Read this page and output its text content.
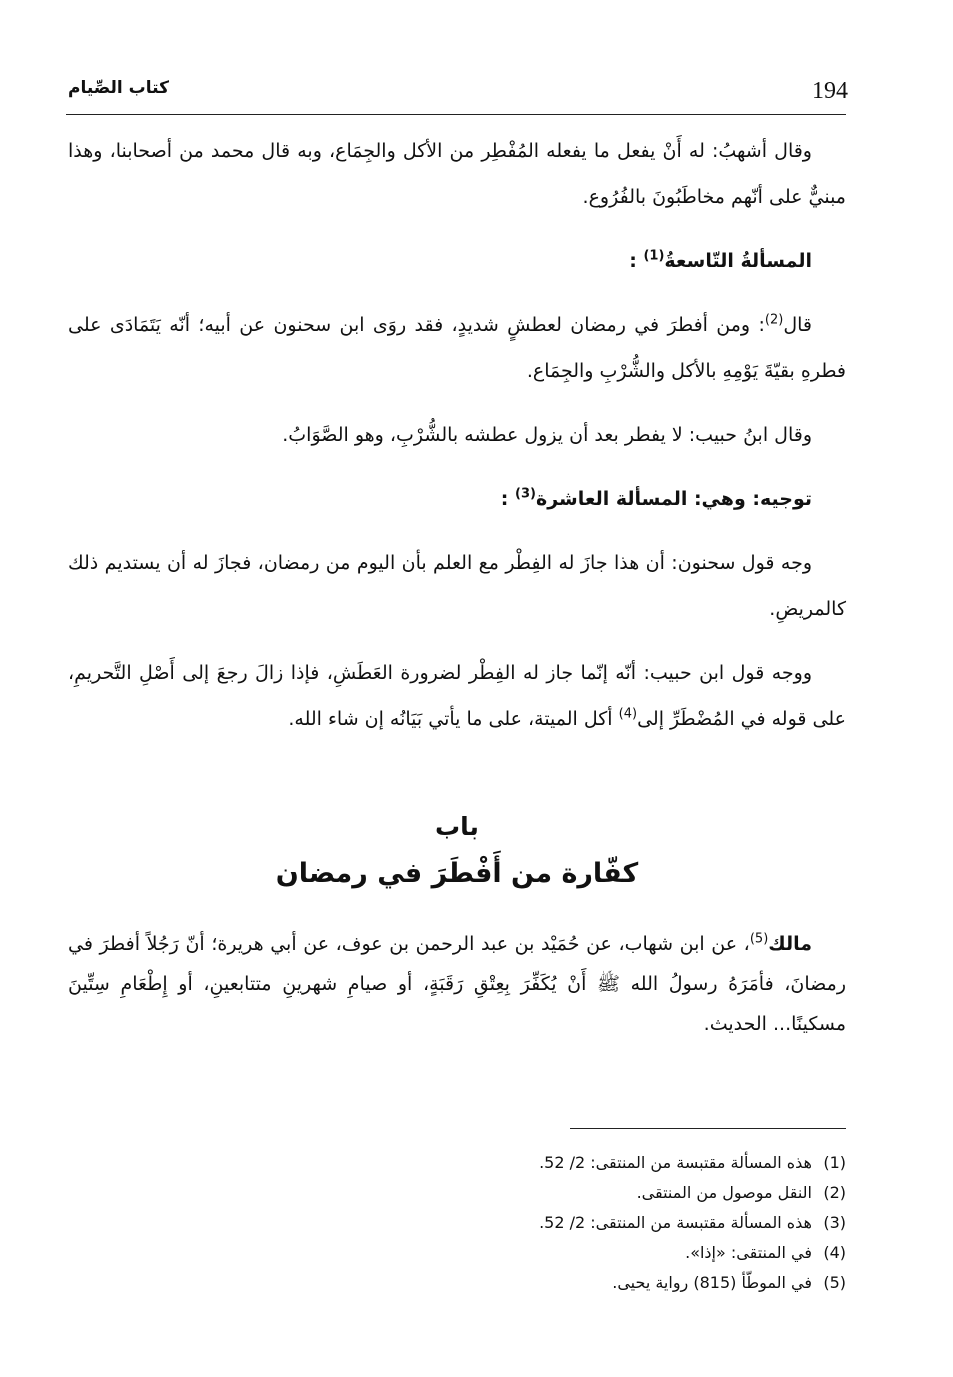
194
كتاب الصِّيام

وقال أشهبُ: له أَنْ يفعل ما يفعله المُفْطِر من الأكل والجِمَاع، وبه قال محمد من أصحابنا، وهذا مبنيٌّ على أنّهم مخاطَبُونَ بالفُرُوع.

المسألةُ التّاسعةُ$^{(1)}$ :

قال$^{(2)}$: ومن أفطرَ في رمضان لعطشٍ شديدٍ، فقد روَى ابن سحنون عن أبيه؛ أنّه يَتَمَادَى على فطرهِ بقيّةَ يَوْمِهِ بالأكل والشُّرْبِ والجِمَاع.

وقال ابنُ حبيب: لا يفطر بعد أن يزول عطشه بالشُّرْبِ، وهو الصَّوَابُ.

توجيه: وهي: المسألة العاشرة$^{(3)}$ :

وجه قول سحنون: أن هذا جازَ له الفِطْر مع العلم بأن اليوم من رمضان، فجازَ له أن يستديم ذلك كالمريضِ.

ووجه قول ابن حبيب: أنّه إنّما جاز له الفِطْر لضرورة العَطَشِ، فإذا زالَ رجعَ إلى أَصْلِ التَّحريمِ، على قوله في المُضْطَرِّ إلى$^{(4)}$ أكل الميتة، على ما يأتي بَيَانُه إن شاء الله.

باب
كفّارة من أَفْطَرَ في رمضان
مالك$^{(5)}$، عن ابن شهاب، عن حُمَيْد بن عبد الرحمن بن عوف، عن أبي هريرة؛ أنّ رَجُلاً أفطرَ في رمضانَ، فأمَرَهُ رسولُ الله ﷺ أَنْ يُكَفِّرَ بِعِتْقِ رَقَبَةٍ، أو صيامِ شهرينِ متتابعينِ، أو إِطْعَامِ سِتِّينَ مسكينًا... الحديث.
(1)
هذه المسألة مقتبسة من المنتقى: 2/ 52.
(2)
النقل موصول من المنتقى.
(3)
هذه المسألة مقتبسة من المنتقى: 2/ 52.
(4)
في المنتقى: «إذا».
(5)
في الموطّأ (815) رواية يحيى.
